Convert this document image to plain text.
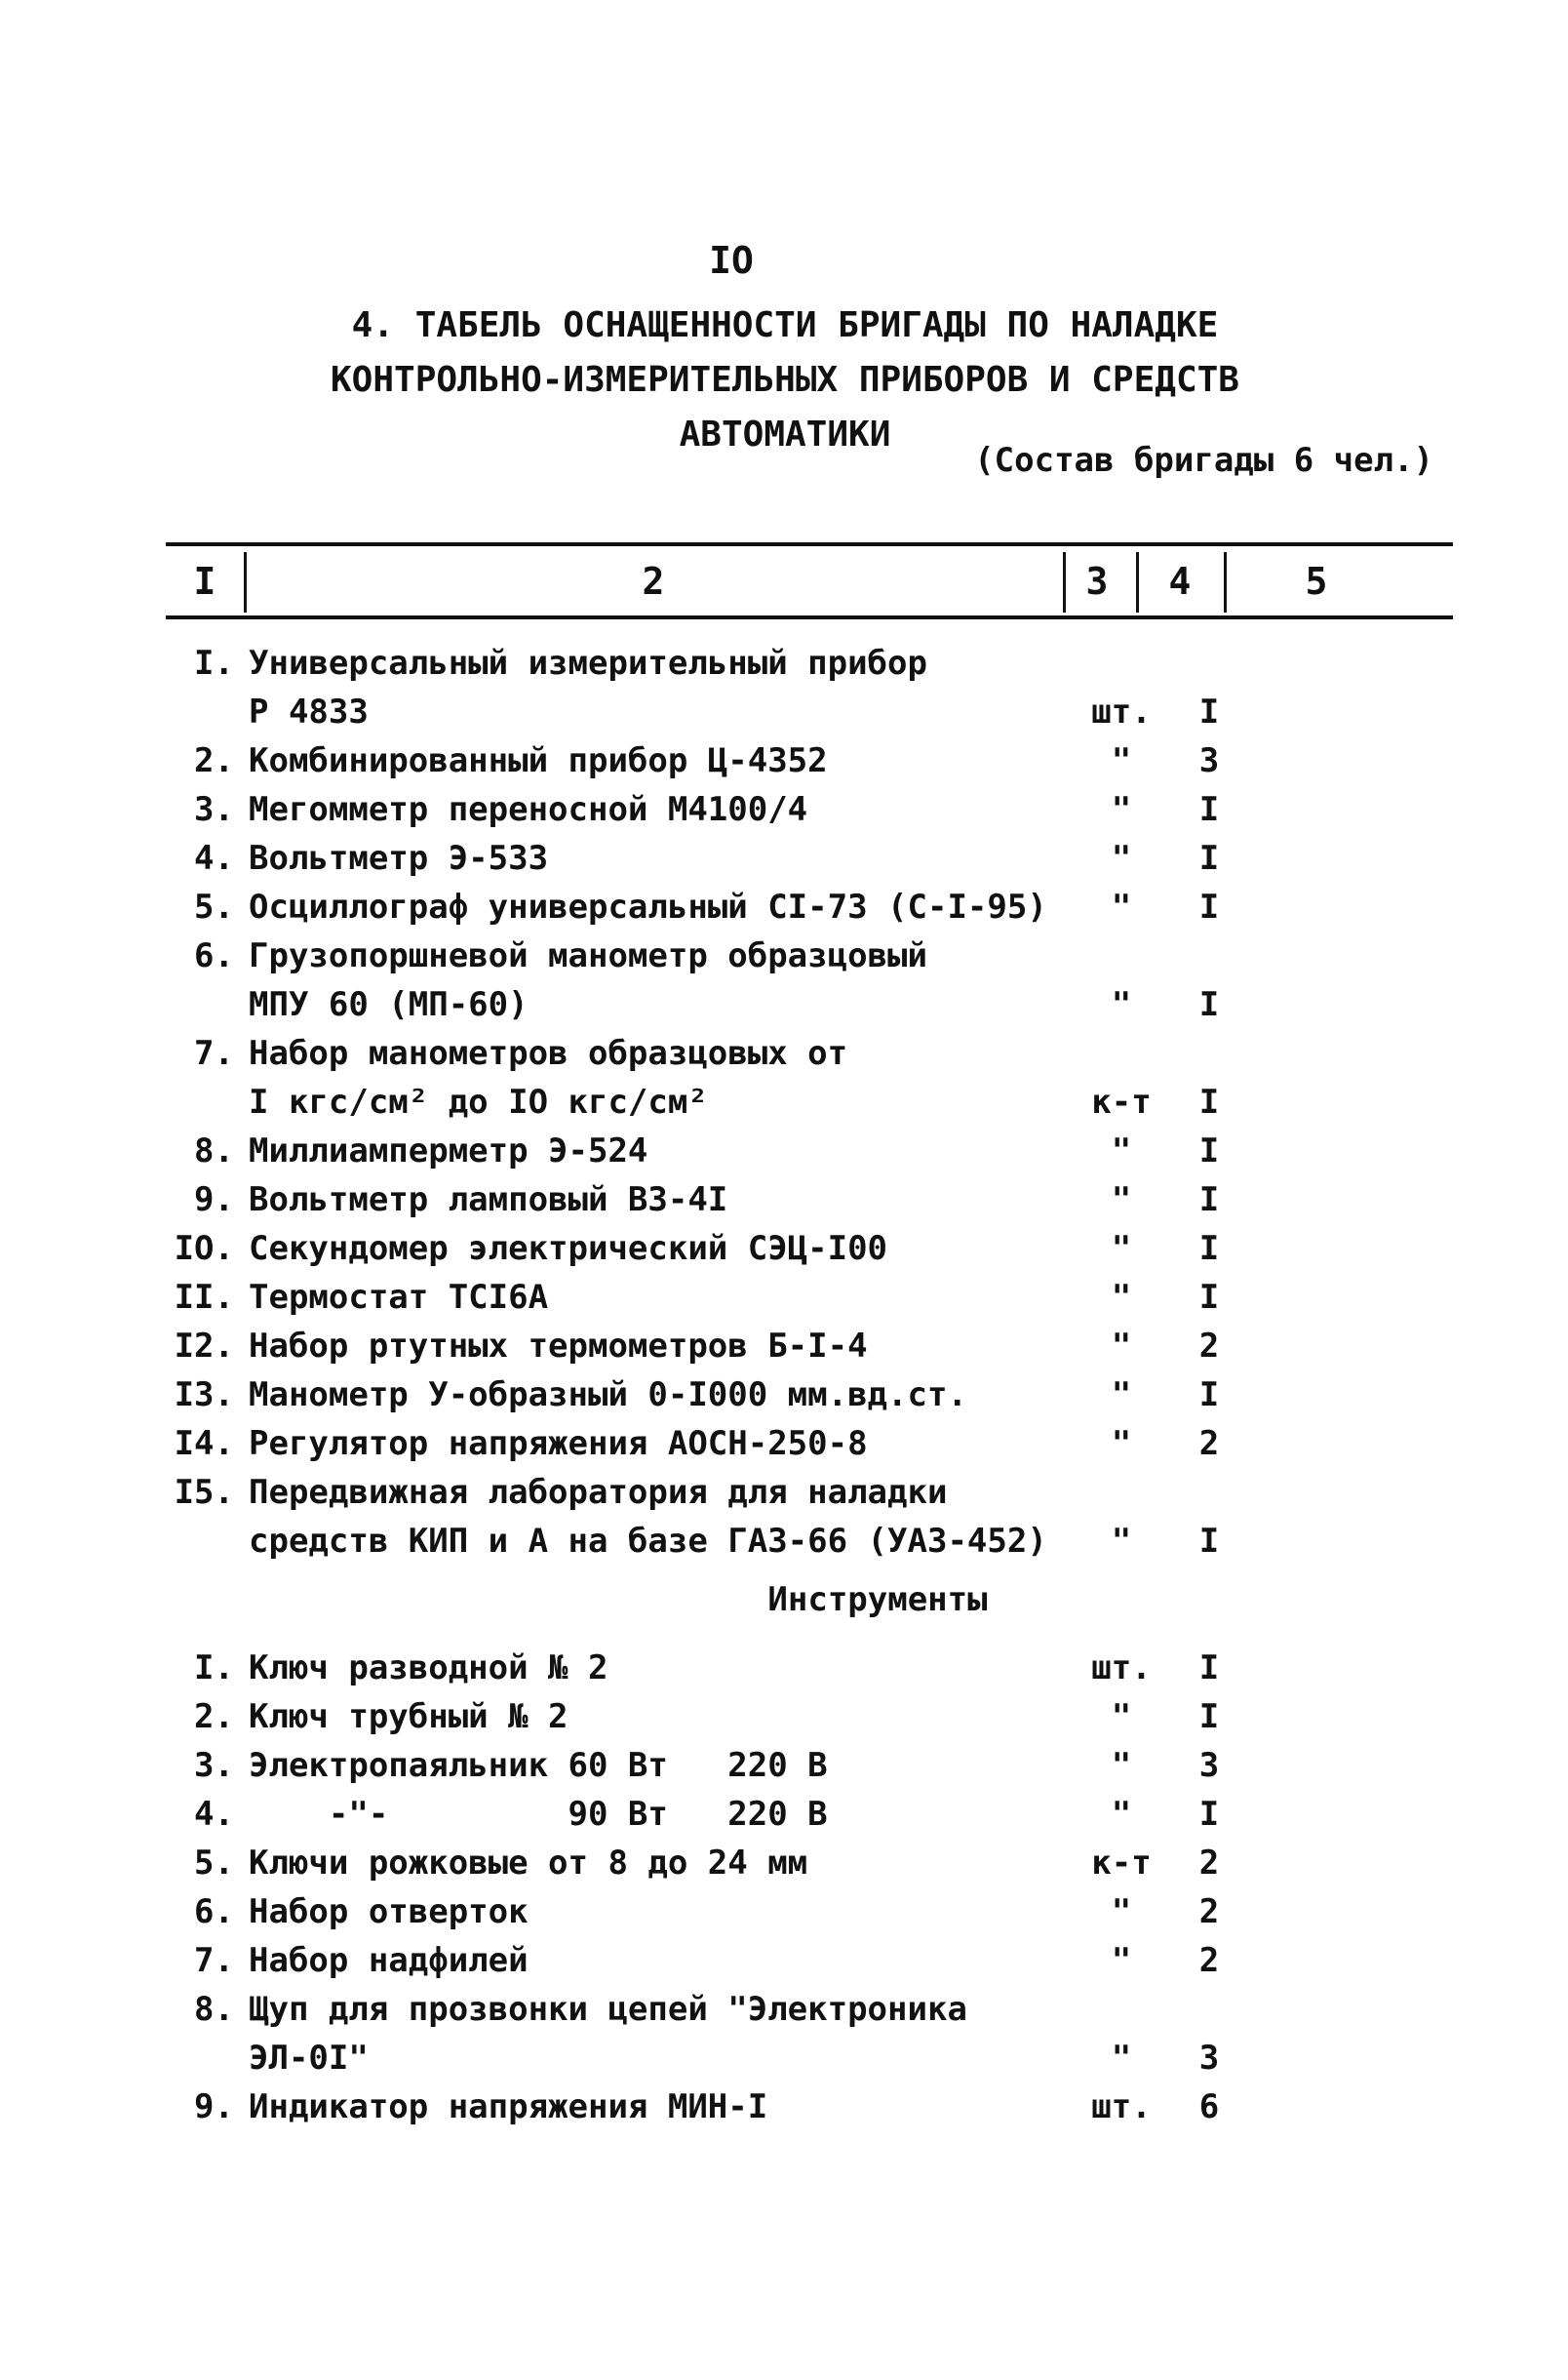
IO
4. ТАБЕЛЬ ОСНАЩЕННОСТИ БРИГАДЫ ПО НАЛАДКЕ
КОНТРОЛЬНО-ИЗМЕРИТЕЛЬНЫХ ПРИБОРОВ И СРЕДСТВ
АВТОМАТИКИ
(Состав бригады 6 чел.)
I	2	3	4	5
I. Универсальный измерительный прибор
Р 4833	шт.	I
2. Комбинированный прибор Ц-4352	"	3
3. Мегомметр переносной М4100/4	"	I
4. Вольтметр Э-533	"	I
5. Осциллограф универсальный СI-73 (С-I-95)	"	I
6. Грузопоршневой манометр образцовый
МПУ 60 (МП-60)	"	I
7. Набор манометров образцовых от
I кгс/см² до IO кгс/см²	к-т	I
8. Миллиамперметр Э-524	"	I
9. Вольтметр ламповый ВЗ-4I	"	I
IO. Секундомер электрический СЭЦ-I00	"	I
II. Термостат ТСI6А	"	I
I2. Набор ртутных термометров Б-I-4	"	2
I3. Манометр У-образный 0-I000 мм.вд.ст.	"	I
I4. Регулятор напряжения АОСН-250-8	"	2
I5. Передвижная лаборатория для наладки
средств КИП и А на базе ГАЗ-66 (УАЗ-452)	"	I
Инструменты
I. Ключ разводной № 2	шт.	I
2. Ключ трубный № 2	"	I
3. Электропаяльник 60 Вт   220 В	"	3
4. -"-         90 Вт   220 В	"	I
5. Ключи рожковые от 8 до 24 мм	к-т	2
6. Набор отверток	"	2
7. Набор надфилей	"	2
8. Щуп для прозвонки цепей "Электроника
ЭЛ-0I"	"	3
9. Индикатор напряжения МИН-I	шт.	6
